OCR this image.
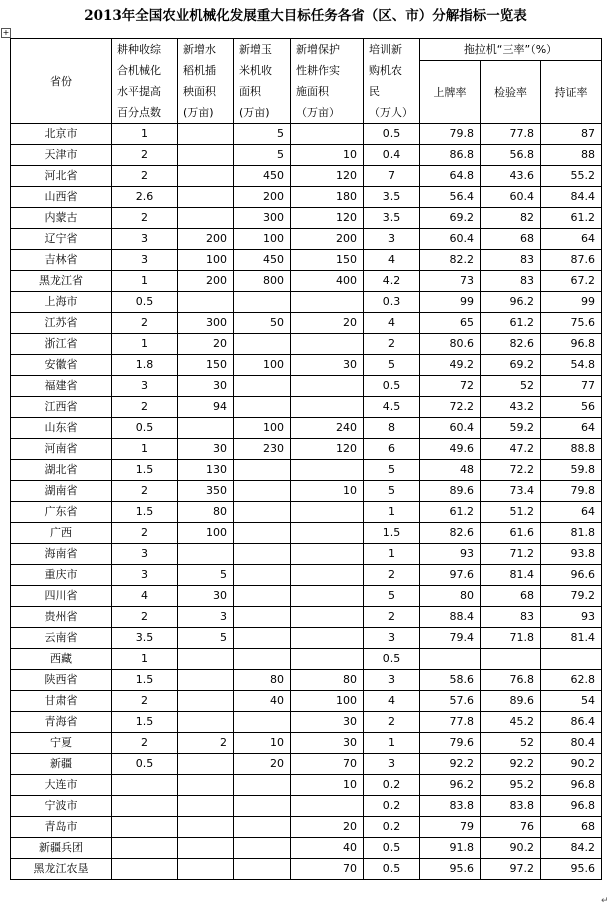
2013年全国农业机械化发展重大目标任务各省（区、市）分解指标一览表
+
省份	耕种收综
合机械化
水平提高
百分点数	新增水
稻机插
秧面积
(万亩)	新增玉
米机收
面积
(万亩)	新增保护
性耕作实
施面积
（万亩）	培训新
购机农
民
（万人）	拖拉机“三率”（%）		
						上牌率	检验率	持证率
北京市	1		5		0.5	79.8	77.8	87
天津市	2		5	10	0.4	86.8	56.8	88
河北省	2		450	120	7	64.8	43.6	55.2
山西省	2.6		200	180	3.5	56.4	60.4	84.4
内蒙古	2		300	120	3.5	69.2	82	61.2
辽宁省	3	200	100	200	3	60.4	68	64
吉林省	3	100	450	150	4	82.2	83	87.6
黑龙江省	1	200	800	400	4.2	73	83	67.2
上海市	0.5				0.3	99	96.2	99
江苏省	2	300	50	20	4	65	61.2	75.6
浙江省	1	20			2	80.6	82.6	96.8
安徽省	1.8	150	100	30	5	49.2	69.2	54.8
福建省	3	30			0.5	72	52	77
江西省	2	94			4.5	72.2	43.2	56
山东省	0.5		100	240	8	60.4	59.2	64
河南省	1	30	230	120	6	49.6	47.2	88.8
湖北省	1.5	130			5	48	72.2	59.8
湖南省	2	350		10	5	89.6	73.4	79.8
广东省	1.5	80			1	61.2	51.2	64
广西	2	100			1.5	82.6	61.6	81.8
海南省	3				1	93	71.2	93.8
重庆市	3	5			2	97.6	81.4	96.6
四川省	4	30			5	80	68	79.2
贵州省	2	3			2	88.4	83	93
云南省	3.5	5			3	79.4	71.8	81.4
西藏	1				0.5			
陕西省	1.5		80	80	3	58.6	76.8	62.8
甘肃省	2		40	100	4	57.6	89.6	54
青海省	1.5			30	2	77.8	45.2	86.4
宁夏	2	2	10	30	1	79.6	52	80.4
新疆	0.5		20	70	3	92.2	92.2	90.2
大连市				10	0.2	96.2	95.2	96.8
宁波市					0.2	83.8	83.8	96.8
青岛市				20	0.2	79	76	68
新疆兵团				40	0.5	91.8	90.2	84.2
黑龙江农垦				70	0.5	95.6	97.2	95.6
↵
